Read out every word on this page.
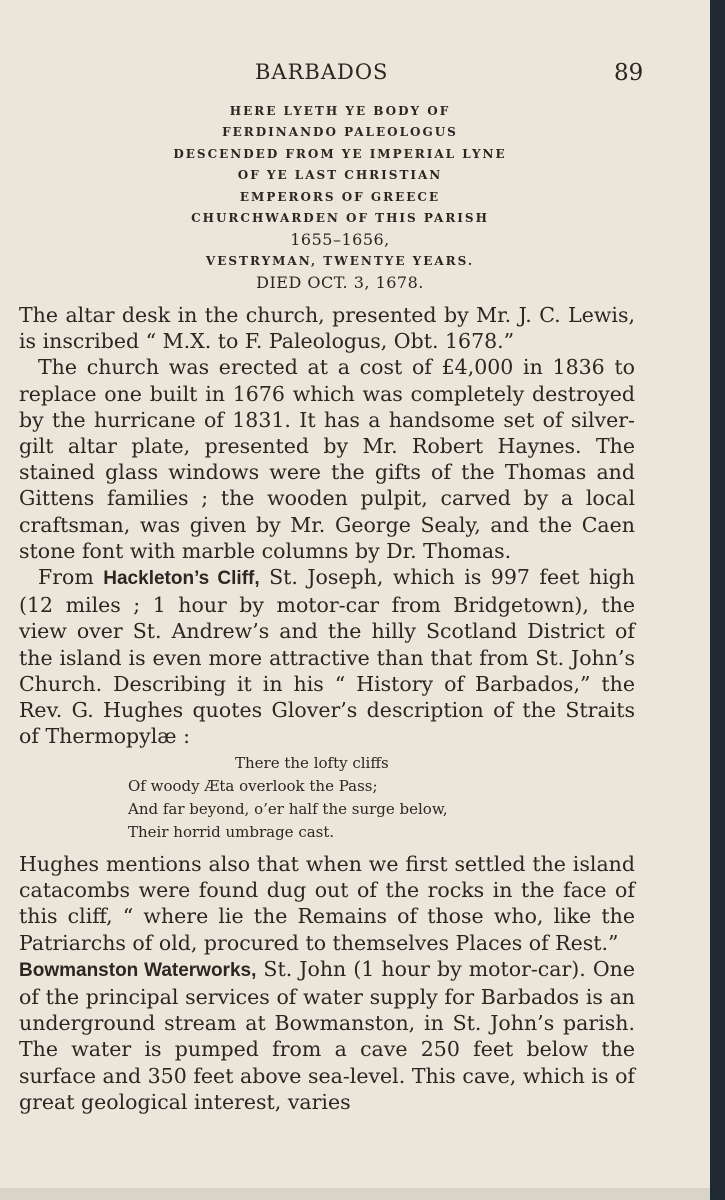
BARBADOS	89
HERE LYETH YE BODY OF
FERDINANDO PALEOLOGUS
DESCENDED FROM YE IMPERIAL LYNE
OF YE LAST CHRISTIAN
EMPERORS OF GREECE
CHURCHWARDEN OF THIS PARISH
1655–1656,
VESTRYMAN, TWENTYE YEARS.
DIED OCT. 3, 1678.

The altar desk in the church, presented by Mr. J. C. Lewis, is inscribed “ M.X. to F. Paleologus, Obt. 1678.”

The church was erected at a cost of £4,000 in 1836 to replace one built in 1676 which was completely destroyed by the hurricane of 1831. It has a handsome set of silver-gilt altar plate, presented by Mr. Robert Haynes. The stained glass windows were the gifts of the Thomas and Gittens families ; the wooden pulpit, carved by a local craftsman, was given by Mr. George Sealy, and the Caen stone font with marble columns by Dr. Thomas.

From Hackleton’s Cliff, St. Joseph, which is 997 feet high (12 miles ; 1 hour by motor-car from Bridgetown), the view over St. Andrew’s and the hilly Scotland District of the island is even more attractive than that from St. John’s Church. Describing it in his “ History of Barbados,” the Rev. G. Hughes quotes Glover’s description of the Straits of Thermopylæ :

There the lofty cliffs
Of woody Æta overlook the Pass;
And far beyond, o’er half the surge below,
Their horrid umbrage cast.

Hughes mentions also that when we first settled the island catacombs were found dug out of the rocks in the face of this cliff, “ where lie the Remains of those who, like the Patriarchs of old, procured to themselves Places of Rest.”

Bowmanston Waterworks, St. John (1 hour by motor-car). One of the principal services of water supply for Barbados is an underground stream at Bowmanston, in St. John’s parish. The water is pumped from a cave 250 feet below the surface and 350 feet above sea-level. This cave, which is of great geological interest, varies
